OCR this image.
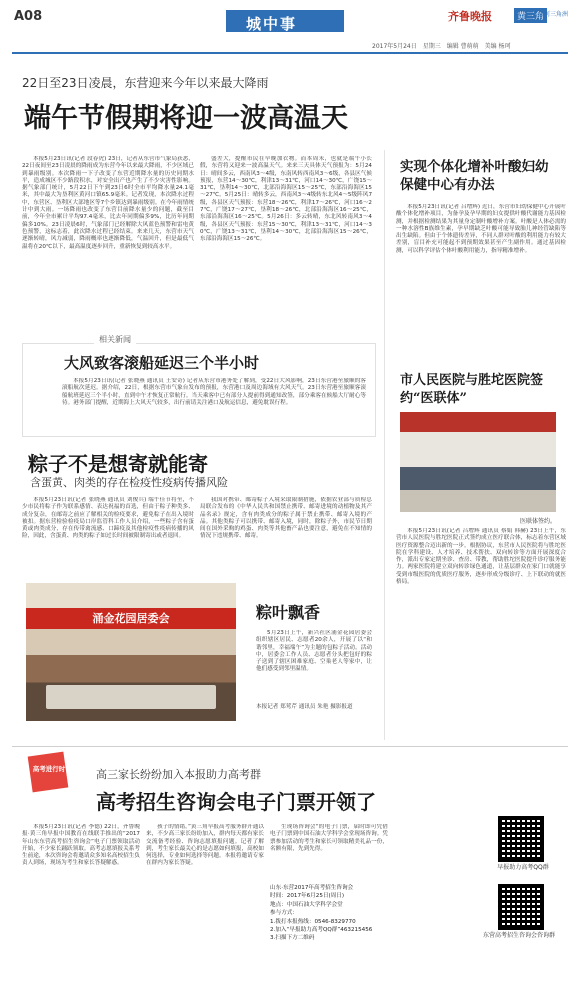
A08	城中事	齐鲁晚报	黄三角
黄河三角洲
2017年5月24日　星期三　编辑 曹萌萌　美编 杨珂
22日至23日凌晨，东营迎来今年以来最大降雨
端午节假期将迎一波高温天

本报5月23日讯(记者 段春虎) 23日，记者从东营市气象局获悉，22日夜间至23日凌晨的降雨成为东营今年以来最大降雨，不少区域已到暴雨级别。本次降雨一下子改变了东营近期降水量的历史同期水平，造成城区不少路段积水，对安全出产也产生了不少灾害性影响。据气象部门统计，5月22日下午到23日6时全市平均降水量24.1毫米，其中最大为垦利区黄河口镇65.9毫米。记者发现，本次降水过程中，东营区、垦利区大部地区等7个乡镇达到暴雨级别。在今年雨情统计中到大雨。一场降雨也改变了东营目前降水量少的问题，截至目前，今年全市累计平均97.4毫米，比去年同期偏多9%，比历年同期偏多10%。23日凌晨6时，气象部门已经解除大风蓝色预警和雷电黄色预警，这标志着，此次降水过程已经结束。来来几天，东营市天气逐渐转晴，风力减弱，降雨概率也逐渐降低，气温回升，但是最低气温将在20℃以下，最高温度逐步回升，重新恢复到较高水平。

盛差大，提醒市民在早晚加衣物。而本周末，也就是端午小长假，东营将又迎来一波高温天气。来来三天具体天气预报为：5月24日：晴间多云，西南风3～4级，东南风转西南风3～6级，各县区气候预报，东营14～30℃，利津13～31℃，河口14～30℃，广饶15～31℃，垦利14～30℃，北部沿海海区15～25℃，东部沿海海区15～27℃。5月25日：晴转多云，西南风3～4级转东北风4～5级阵风7级，各县区天气预报：东营18～26℃，利津17～26℃，河口16～27℃，广饶17～27℃，垦利18～26℃，北部沿海海区16～25℃，东部沿海海区16～25℃。5月26日：多云转晴，东北风转南风3～4级，各县区天气预报：东营15～30℃，利津13～31℃，河口14～30℃，广饶13～31℃，垦利14～30℃，北部沿海海区15～26℃，东部沿海海区15～26℃。

相关新闻
大风致客滚船延迟三个半小时

本报5月23日讯(记者 张晓燕 通讯员 王安奇) 记者从东营市港务处了解到，受22日大风影响，23日东营港至旅顺的客滚船航次延迟。据介绍，22日，根据东营市气象台发布的预报，东营港口及周边海域有大风天气。23日东营港至旅顺客滚船航班延迟三个半小时，直到中午才恢复正常航行。当天乘客中已有部分人提前得到通知改签，部分乘客在候船大厅耐心等待。港务部门提醒，近期海上大风天气较多，出行前请关注港口及航运信息，避免耽误行程。

粽子不是想寄就能寄
含蛋黄、肉类的存在检疫性疫病传播风险

本报5月23日讯(记者 张晓燕 通讯员 刘俊兵) 端午佳节将至，不少市民将粽子作为联系感情、表达祝福的首选，但由于粽子种类多、成分复杂，在邮寄之前应了解相关的检疫要求，避免粽子在出入境时被扣。据东营检验检疫局口岸监管科工作人员介绍，一些粽子含有蛋黄或肉类成分，存在传带禽流感、口蹄疫及其他检疫性疫病传播的风险，因此，含蛋黄、肉类的粽子如过长时间被限制寄出或者退回。

我国对携带、邮寄粽子入境采取限制措施，依据农业部与质检总局联合发布的《中华人民共和国禁止携带、邮寄进境的动植物及其产品名录》规定，含有肉类成分的粽子属于禁止携带、邮寄入境的产品。其他类粽子可以携带、邮寄入境，同时，除粽子外，市民节日期间在国外采购的鸡蛋、肉类等其他畜产品也要注意，避免在不知情的情况下违规携带、邮寄。

涌金花园居委会	粽叶飘香

5月23日上午，新兴社区涌金花园居委会组织辖区居民、志愿者20余人，开展了以“和谐邻里，幸福端午”为主题的包粽子活动。活动中，居委会工作人员、志愿者分头把包好的粽子送到了辖区困难家庭、空巢老人等家中，让他们感受到邻里温情。

本报记者 郑莺芹 通讯员 朱艳 摄影报道
实现个体化增补叶酸妇幼保健中心有办法

本报5月23日讯(记者 吕增辉) 近日，东营市妇幼保健中心开展叶酸个体化增补项目，为备孕及孕早期的妇女提供叶酸代谢能力基因检测，并根据检测结果为其量身定制叶酸增补方案。叶酸是人体必需的一种水溶性B族维生素，孕早期缺乏叶酸可能导致胎儿神经管缺陷等出生缺陷。但由于个体遗传差异，不同人群对叶酸的利用能力有较大差别，盲目补充可能起不到预期效果甚至产生副作用。通过基因检测，可以科学评估个体叶酸利用能力，指导精准增补。

市人民医院与胜坨医院签约“医联体”
医联体签约。

本报5月23日讯(记者 吕增辉 通讯员 蔡娟 韩赫) 23日上午，东营市人民医院与胜坨医院正式签约成立医疗联合体，标志着东营区域医疗资源整合迈出新的一步。根据协议，东营市人民医院将与胜坨医院在学科建设、人才培养、技术帮扶、双向转诊等方面开展深度合作，派出专家定期坐诊、查房、带教，帮助胜坨医院提升诊疗服务能力。两家医院将建立双向转诊绿色通道，让基层群众在家门口就能享受到市级医院的优质医疗服务，逐步形成分级诊疗、上下联动的就医格局。

高考进行时	高三家长纷纷加入本报助力高考群
高考招生咨询会电子门票开领了

本报5月23日讯(记者 李德) 22日，齐鲁晚报·黄三角早报中国教育在线联手推出的“2017年山东东营高考招生咨询会”电子门票领取活动开始，不少家长踊跃领取。高考志愿填报关系考生前途，本次咨询会将邀请众多知名高校招生负责人到场，现场为考生和家长答疑解惑。

孩子的情绪。”黄三角早报高考服务群开通以来，不少高三家长纷纷加入，群内每天都有家长交流备考经验、咨询志愿填报问题。记者了解到，考生家长最关心的是志愿如何填报，高校如何选择，专业如何选择等问题。本报将邀请专家在群内为家长答疑。

生现场咨询会“的电子门票，届时即可凭借电子门票到中国石油大学科学会堂现场咨询。凭票参加活动的考生和家长可领取精美礼品一份，名额有限，先到先得。

山东·东营2017年高考招生咨询会
时间：2017年6月25日(周日)
地点：中国石油大学科学会堂
参与方式：
1.拨打本报热线：0546-8329770
2.加入“早报助力高考QQ群”463215456
3.扫描下方二维码
早报助力高考QQ群
东营高考招生咨询会咨询群
